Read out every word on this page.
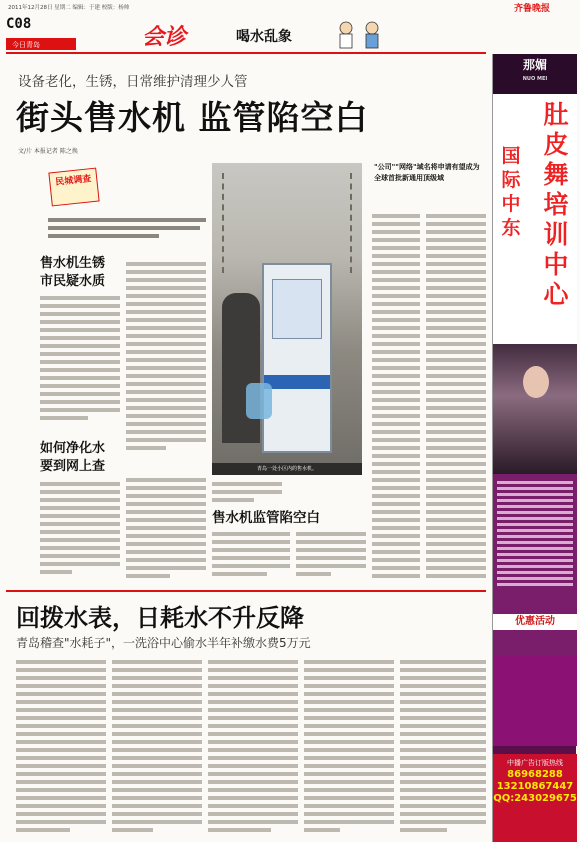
2011年12月28日 星期二 编辑：于建 校版：杨帅	齐鲁晚报
C08
今日青岛	会诊	喝水乱象
设备老化，生锈，日常维护清理少人管
街头售水机 监管陷空白
文/片 本报记者 陈之焕
民城调查
售水机生锈
市民疑水质
如何净化水
要到网上查	青岛一处小区内的售水机。
售水机监管陷空白
"公司""网络"域名将申请有望成为全球首批新通用顶级域
回拨水表，日耗水不升反降
青岛稽查"水耗子"，一洗浴中心偷水半年补缴水费5万元
那媚
NUO MEI
肚皮舞培训中心
国际中东
优惠活动
中播广告订版热线
86968288
13210867447
QQ:243029675
